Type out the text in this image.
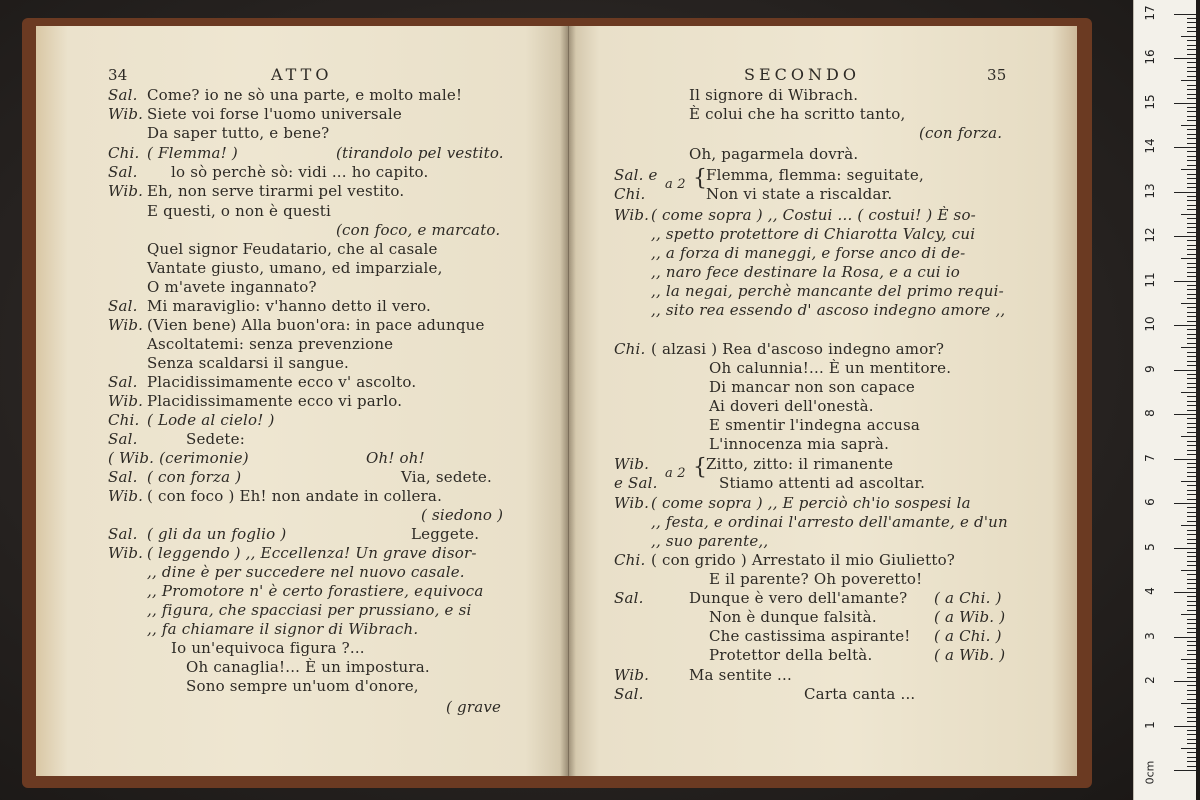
34	ATTO
Sal. Come? io ne sò una parte, e molto male!
Wib. Siete voi forse l'uomo universale
Da saper tutto, e bene?
Chi. ( Flemma! )	(tirandolo pel vestito.
Sal. lo sò perchè sò: vidi ... ho capito.
Wib. Eh, non serve tirarmi pel vestito.
E questi, o non è questi
(con foco, e marcato.
Quel signor Feudatario, che al casale
Vantate giusto, umano, ed imparziale,
O m'avete ingannato?
Sal. Mi maraviglio: v'hanno detto il vero.
Wib. (Vien bene) Alla buon'ora: in pace adunque
Ascoltatemi: senza prevenzione
Senza scaldarsi il sangue.
Sal. Placidissimamente ecco v' ascolto.
Wib. Placidissimamente ecco vi parlo.
Chi. ( Lode al cielo! )
Sal.	Sedete:
( Wib. (cerimonie)	Oh! oh!
Sal. ( con forza )	Via, sedete.
Wib. ( con foco ) Eh! non andate in collera.
( siedono )
Sal. ( gli da un foglio )	Leggete.
Wib. ( leggendo ) ,, Eccellenza! Un grave disor-
,, dine è per succedere nel nuovo casale.
,, Promotore n' è certo forastiere, equivoca
,, figura, che spacciasi per prussiano, e si
,, fa chiamare il signor di Wibrach.
Io un'equivoca figura ?...
Oh canaglia!... È un impostura.
Sono sempre un'uom d'onore,
( grave
SECONDO	35
Il signore di Wibrach.
È colui che ha scritto tanto,
(con forza.
Oh, pagarmela dovrà.
Sal. e
Chi.
a 2 {
Flemma, flemma: seguitate,
Non vi state a riscaldar.
Wib. ( come sopra ) ,, Costui ... ( costui! ) È so-
,, spetto protettore di Chiarotta Valcy, cui
,, a forza di maneggi, e forse anco di de-
,, naro fece destinare la Rosa, e a cui io
,, la negai, perchè mancante del primo requi-
,, sito rea essendo d' ascoso indegno amore ,,
Chi. ( alzasi ) Rea d'ascoso indegno amor?
Oh calunnia!... È un mentitore.
Di mancar non son capace
Ai doveri dell'onestà.
E smentir l'indegna accusa
L'innocenza mia saprà.
Wib.
e Sal.
a 2 {
Zitto, zitto: il rimanente
Stiamo attenti ad ascoltar.
Wib. ( come sopra ) ,, E perciò ch'io sospesi la
,, festa, e ordinai l'arresto dell'amante, e d'un
,, suo parente,,
Chi. ( con grido ) Arrestato il mio Giulietto?
E il parente? Oh poveretto!
Sal.	Dunque è vero dell'amante? ( a Chi. )
Non è dunque falsità.	( a Wib. )
Che castissima aspirante! ( a Chi. )
Protettor della beltà.	( a Wib. )
Wib.	Ma sentite ...
Sal.	Carta canta ...
0cm
1
2
3
4
5
6
7
8
9
10
11
12
13
14
15
16
17
